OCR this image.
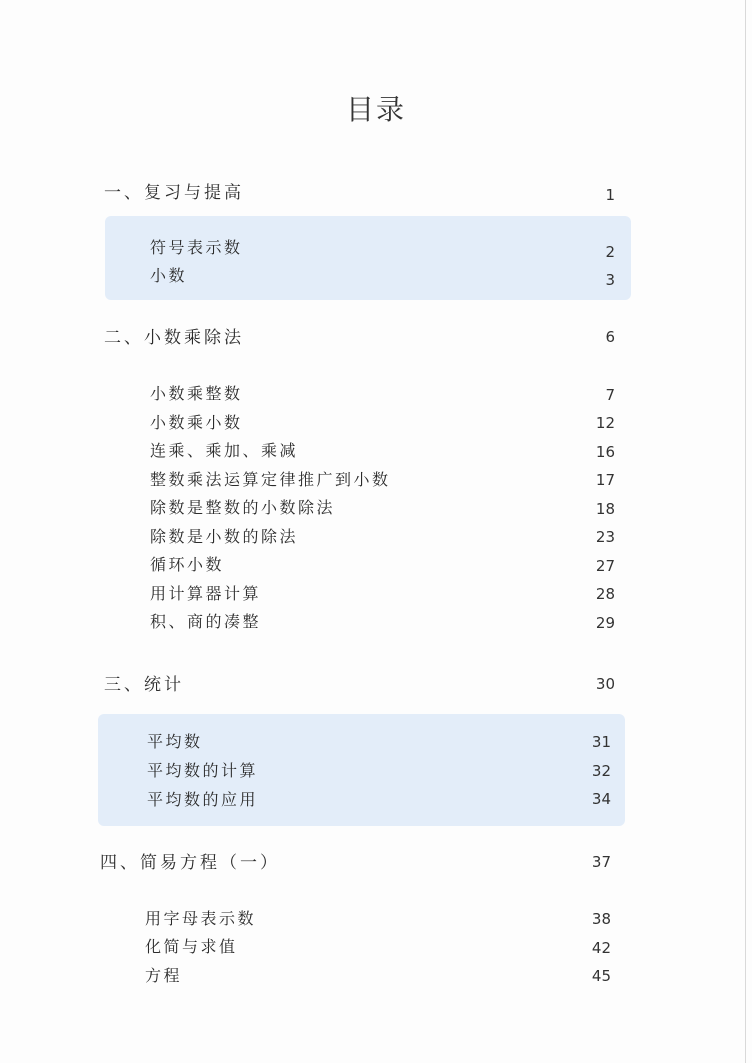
目录
一、复习与提高	1
符号表示数	2
小数	3
二、小数乘除法	6
小数乘整数	7
小数乘小数	12
连乘、乘加、乘减	16
整数乘法运算定律推广到小数	17
除数是整数的小数除法	18
除数是小数的除法	23
循环小数	27
用计算器计算	28
积、商的凑整	29
三、统计	30
平均数	31
平均数的计算	32
平均数的应用	34
四、简易方程（一）	37
用字母表示数	38
化简与求值	42
方程	45
